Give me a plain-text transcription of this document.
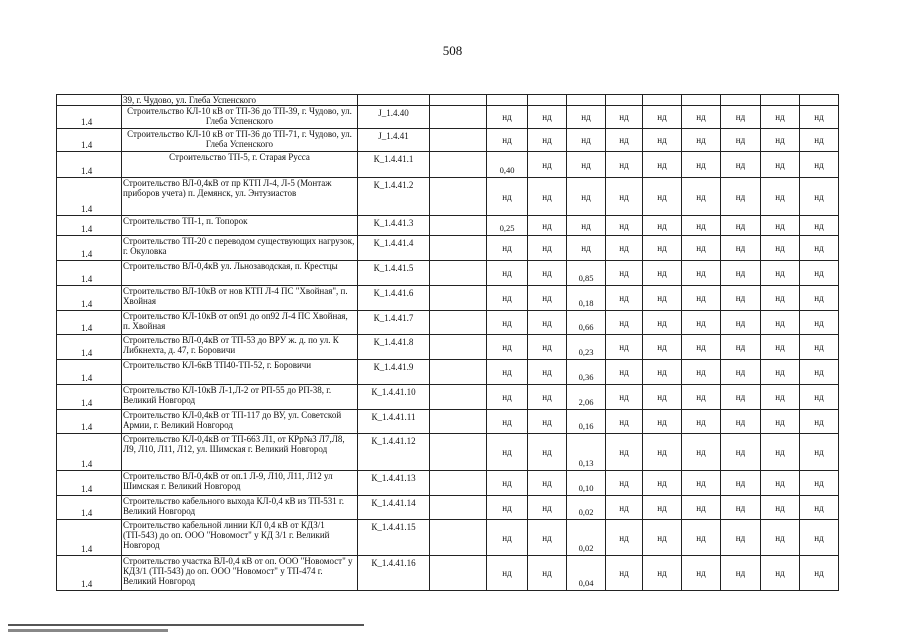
508
	39, г. Чудово, ул. Глеба Успенского											
1.4	Строительство КЛ-10 кВ от ТП-36 до ТП-39, г. Чудово, ул. Глеба Успенского	J_1.4.40		нд	нд	нд	нд	нд	нд	нд	нд	нд
1.4	Строительство КЛ-10 кВ от ТП-36 до ТП-71, г. Чудово, ул. Глеба Успенского	J_1.4.41		нд	нд	нд	нд	нд	нд	нд	нд	нд
1.4	Строительство ТП-5, г. Старая Русса	К_1.4.41.1		0,40	нд	нд	нд	нд	нд	нд	нд	нд
1.4	Строительство ВЛ-0,4кВ от пр КТП Л-4, Л-5 (Монтаж приборов учета) п. Демянск, ул. Энтузиастов	К_1.4.41.2		нд	нд	нд	нд	нд	нд	нд	нд	нд
1.4	Строительство ТП-1, п. Топорок	К_1.4.41.3		0,25	нд	нд	нд	нд	нд	нд	нд	нд
1.4	Строительство ТП-20 с переводом существующих нагрузок, г. Окуловка	К_1.4.41.4		нд	нд	нд	нд	нд	нд	нд	нд	нд
1.4	Строительство ВЛ-0,4кВ ул. Льнозаводская, п. Крестцы	К_1.4.41.5		нд	нд	0,85	нд	нд	нд	нд	нд	нд
1.4	Строительство ВЛ-10кВ от нов КТП Л-4 ПС "Хвойная", п. Хвойная	К_1.4.41.6		нд	нд	0,18	нд	нд	нд	нд	нд	нд
1.4	Строительство КЛ-10кВ от оп91 до оп92 Л-4 ПС Хвойная, п. Хвойная	К_1.4.41.7		нд	нд	0,66	нд	нд	нд	нд	нд	нд
1.4	Строительство ВЛ-0,4кВ от ТП-53 до ВРУ ж. д. по ул. К Либкнехта, д. 47, г. Боровичи	К_1.4.41.8		нд	нд	0,23	нд	нд	нд	нд	нд	нд
1.4	Строительство КЛ-6кВ ТП40-ТП-52, г. Боровичи	К_1.4.41.9		нд	нд	0,36	нд	нд	нд	нд	нд	нд
1.4	Строительство КЛ-10кВ Л-1,Л-2 от РП-55 до РП-38, г. Великий Новгород	К_1.4.41.10		нд	нд	2,06	нд	нд	нд	нд	нд	нд
1.4	Строительство КЛ-0,4кВ от ТП-117 до ВУ, ул. Советской Армии, г. Великий Новгород	К_1.4.41.11		нд	нд	0,16	нд	нд	нд	нд	нд	нд
1.4	Строительство КЛ-0,4кВ от ТП-663 Л1, от КРр№3 Л7,Л8, Л9, Л10, Л11, Л12, ул. Шимская г. Великий Новгород	К_1.4.41.12		нд	нд	0,13	нд	нд	нд	нд	нд	нд
1.4	Строительство ВЛ-0,4кВ от оп.1 Л-9, Л10, Л11, Л12 ул Шимская г. Великий Новгород	К_1.4.41.13		нд	нд	0,10	нд	нд	нд	нд	нд	нд
1.4	Строительство кабельного выхода КЛ-0,4 кВ из ТП-531 г. Великий Новгород	К_1.4.41.14		нд	нд	0,02	нд	нд	нд	нд	нд	нд
1.4	Строительство кабельной линии КЛ 0,4 кВ от КДЗ/1 (ТП-543) до оп. ООО "Новомост" у КД 3/1 г. Великий Новгород	К_1.4.41.15		нд	нд	0,02	нд	нд	нд	нд	нд	нд
1.4	Строительство участка ВЛ-0,4 кВ от оп. ООО "Новомост" у КДЗ/1 (ТП-543) до оп. ООО "Новомост" у ТП-474 г. Великий Новгород	К_1.4.41.16		нд	нд	0,04	нд	нд	нд	нд	нд	нд
